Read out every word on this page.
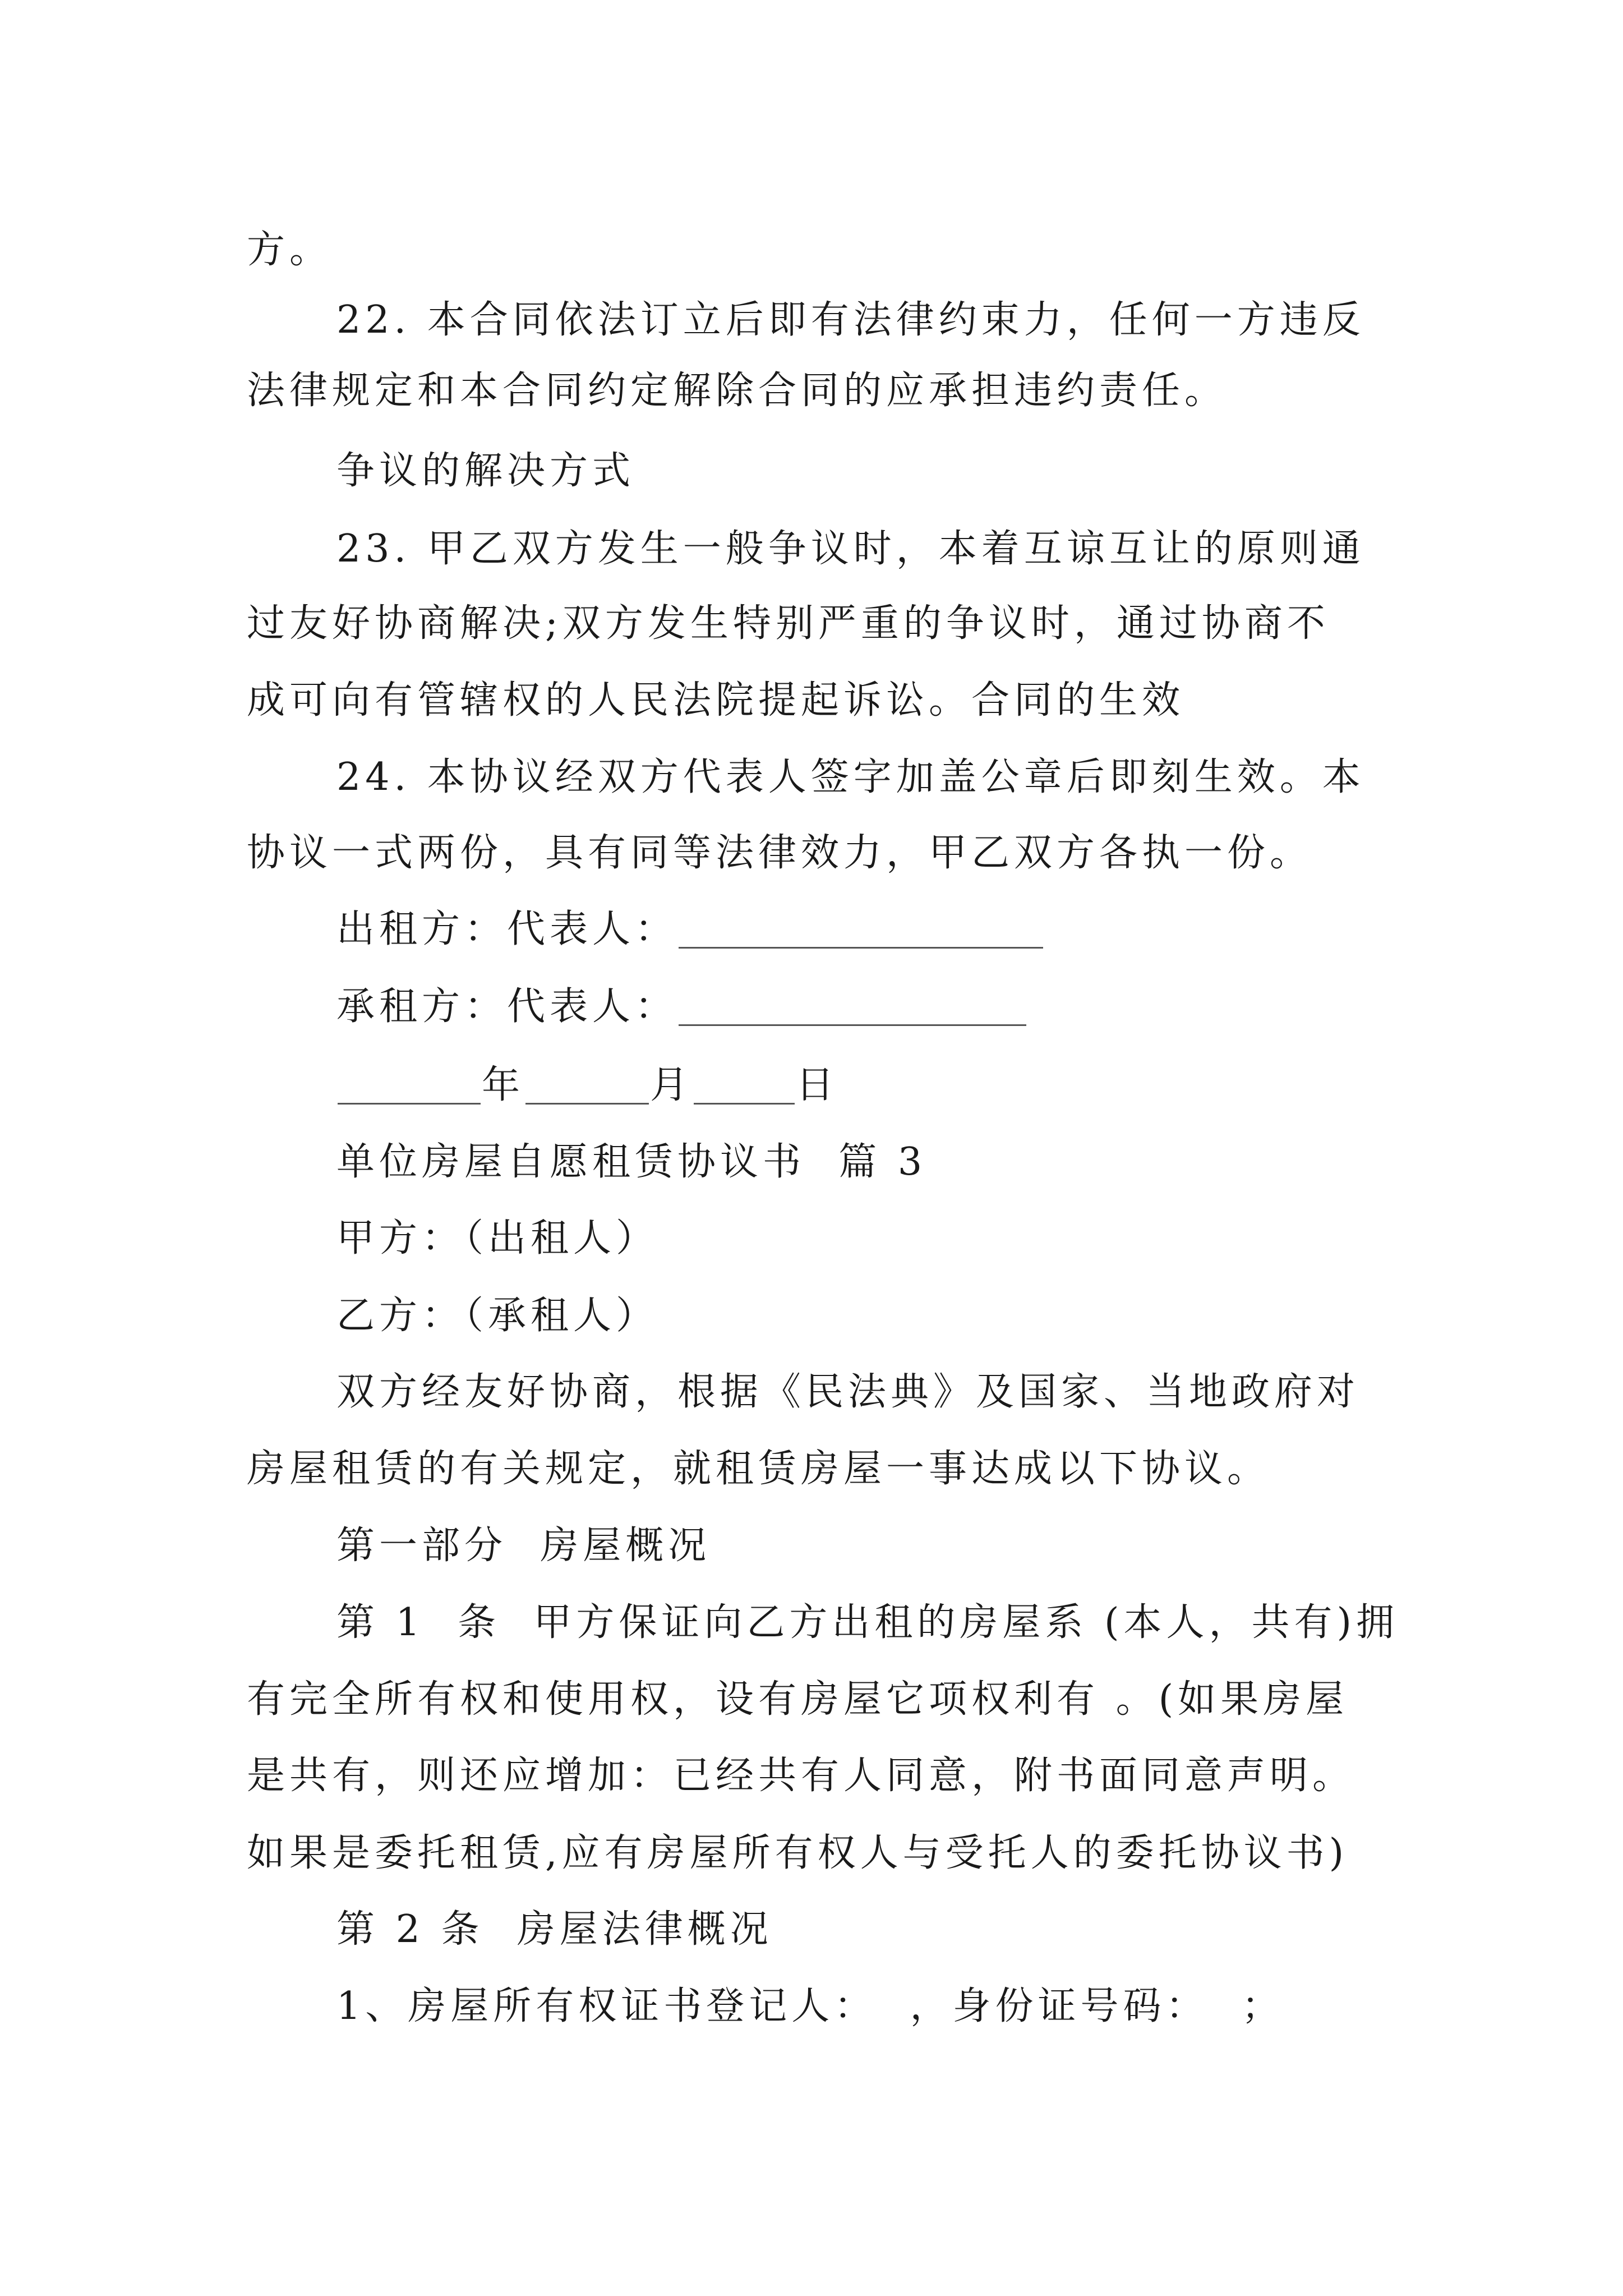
方。
22. 本合同依法订立后即有法律约束力，任何一方违反
法律规定和本合同约定解除合同的应承担违约责任。
争议的解决方式
23. 甲乙双方发生一般争议时，本着互谅互让的原则通
过友好协商解决;双方发生特别严重的争议时，通过协商不
成可向有管辖权的人民法院提起诉讼。合同的生效
24. 本协议经双方代表人签字加盖公章后即刻生效。本
协议一式两份，具有同等法律效力，甲乙双方各执一份。
出租方：代表人：
承租方：代表人：
年	月	日
单位房屋自愿租赁协议书  篇 3
甲方：（出租人）
乙方：（承租人）
双方经友好协商，根据《民法典》及国家、当地政府对
房屋租赁的有关规定，就租赁房屋一事达成以下协议。
第一部分  房屋概况
第 1  条  甲方保证向乙方出租的房屋系 (本人，共有)拥
有完全所有权和使用权，设有房屋它项权利有 。(如果房屋
是共有，则还应增加：已经共有人同意，附书面同意声明。
如果是委托租赁,应有房屋所有权人与受托人的委托协议书)
第 2 条  房屋法律概况
1、房屋所有权证书登记人：  ，身份证号码：  ；
